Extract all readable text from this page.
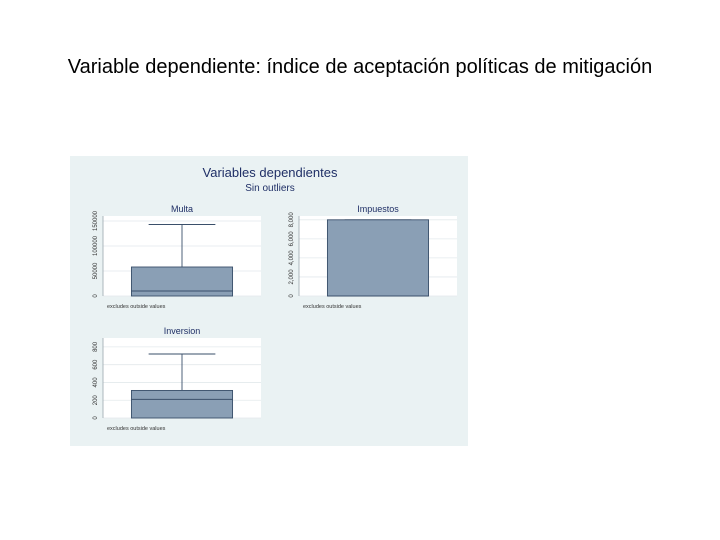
Variable dependiente: índice de aceptación políticas de mitigación
Variables dependientes
Sin outliers
Multa
0
50000
100000
150000
excludes outside values
Impuestos
0
2,000
4,000
6,000
8,000
excludes outside values
Inversion
0
200
400
600
800
excludes outside values
